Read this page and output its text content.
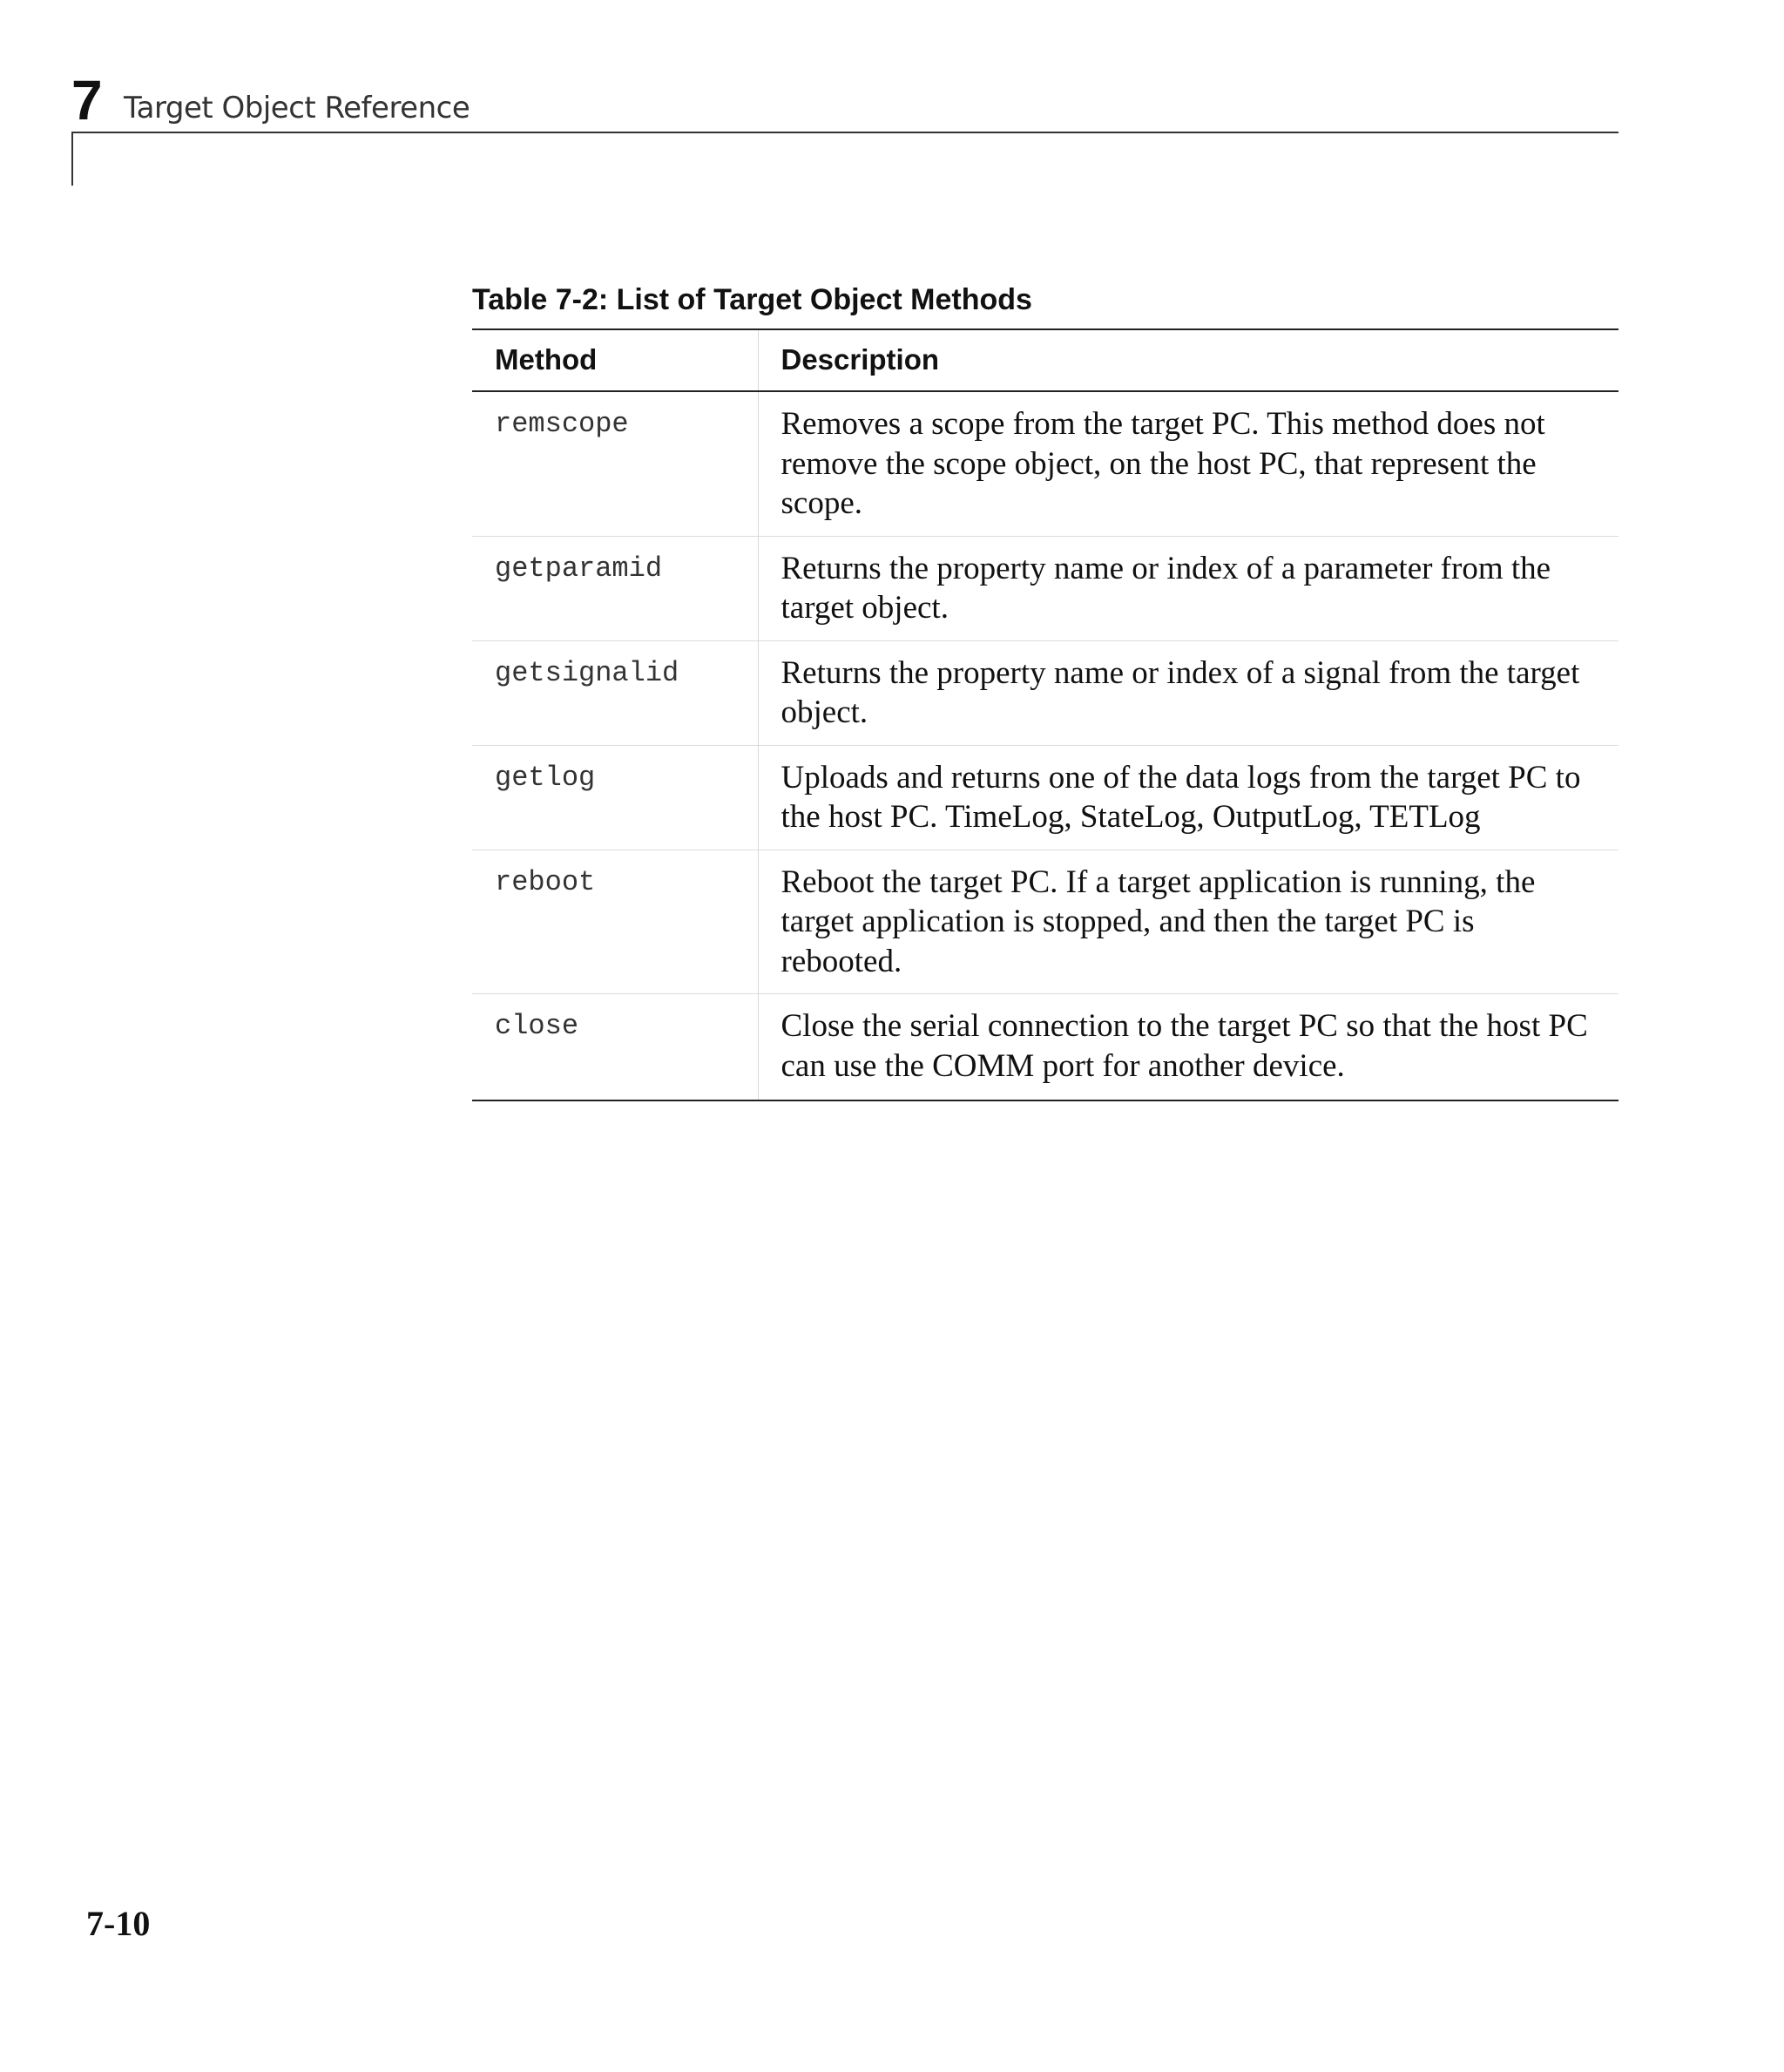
7 Target Object Reference
Table 7-2: List of Target Object Methods
Method	Description
remscope	Removes a scope from the target PC. This method does not remove the scope object, on the host PC, that represent the scope.
getparamid	Returns the property name or index of a parameter from the target object.
getsignalid	Returns the property name or index of a signal from the target object.
getlog	Uploads and returns one of the data logs from the target PC to the host PC. TimeLog, StateLog, OutputLog, TETLog
reboot	Reboot the target PC. If a target application is running, the target application is stopped, and then the target PC is rebooted.
close	Close the serial connection to the target PC so that the host PC can use the COMM port for another device.
7-10
